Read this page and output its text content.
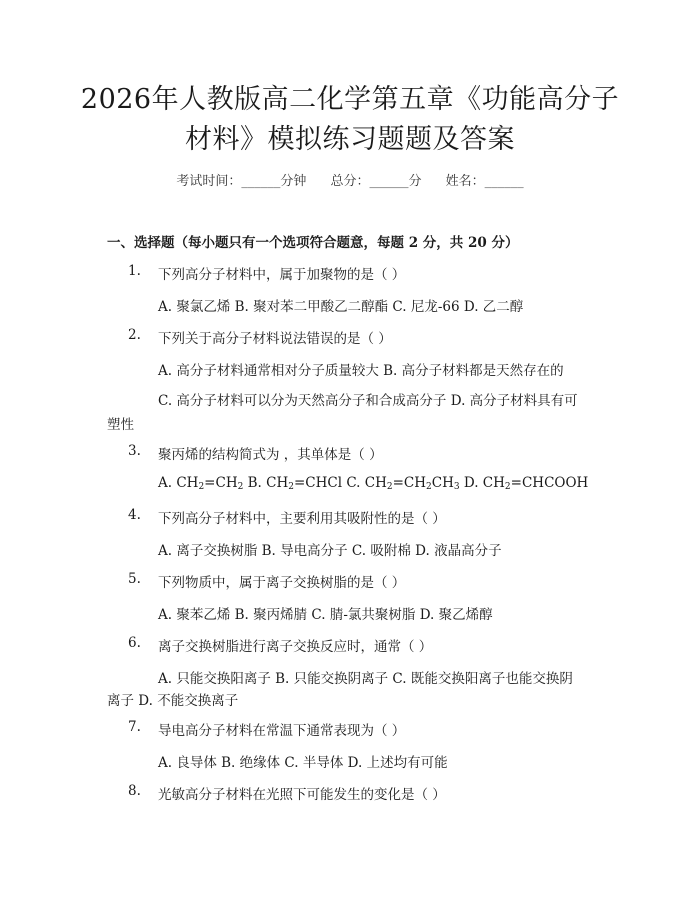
2026年人教版高二化学第五章《功能高分子
材料》模拟练习题题及答案
考试时间：______分钟 总分：______分 姓名：______
一、选择题（每小题只有一个选项符合题意，每题 2 分，共 20 分）
1.	下列高分子材料中，属于加聚物的是（ ）
A. 聚氯乙烯 B. 聚对苯二甲酸乙二醇酯 C. 尼龙-66 D. 乙二醇
2.	下列关于高分子材料说法错误的是（ ）
A. 高分子材料通常相对分子质量较大 B. 高分子材料都是天然存在的
C. 高分子材料可以分为天然高分子和合成高分子 D. 高分子材料具有可
塑性
3.	聚丙烯的结构简式为 ，其单体是（ ）
A. $CH_2=CH_2$ B. $CH_2=CHCl$ C. $CH_2=CH_2CH_3$ D. $CH_2=CHCOOH$
4.	下列高分子材料中，主要利用其吸附性的是（ ）
A. 离子交换树脂 B. 导电高分子 C. 吸附棉 D. 液晶高分子
5.	下列物质中，属于离子交换树脂的是（ ）
A. 聚苯乙烯 B. 聚丙烯腈 C. 腈-氯共聚树脂 D. 聚乙烯醇
6.	离子交换树脂进行离子交换反应时，通常（ ）
A. 只能交换阳离子 B. 只能交换阴离子 C. 既能交换阳离子也能交换阴
离子 D. 不能交换离子
7.	导电高分子材料在常温下通常表现为（ ）
A. 良导体 B. 绝缘体 C. 半导体 D. 上述均有可能
8.	光敏高分子材料在光照下可能发生的变化是（ ）
